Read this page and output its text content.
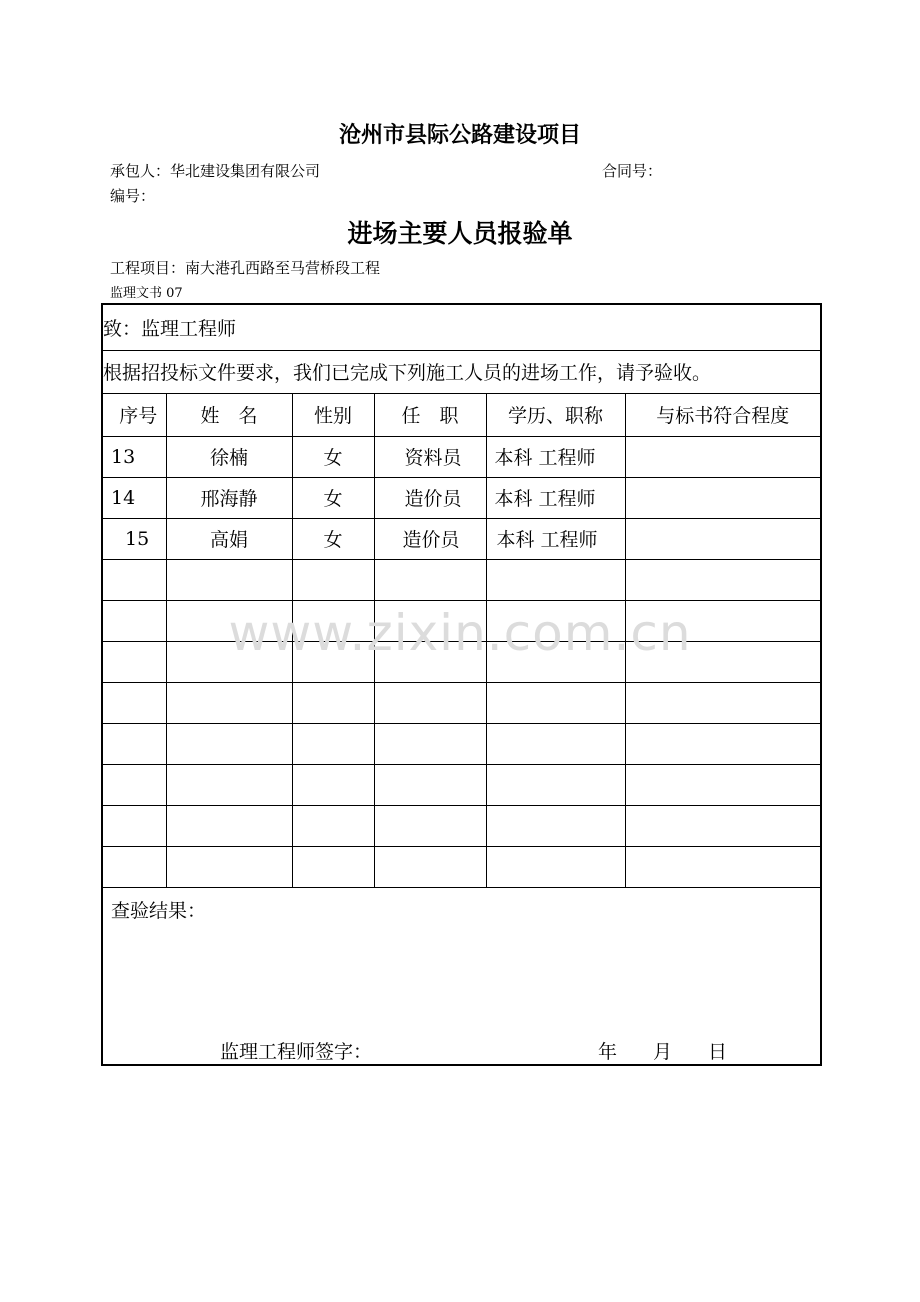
沧州市县际公路建设项目
承包人：华北建设集团有限公司	合同号：
编号：
进场主要人员报验单
工程项目：南大港孔西路至马营桥段工程
监理文书 07
致：监理工程师					
根据招投标文件要求，我们已完成下列施工人员的进场工作，请予验收。					
序号	姓　名	性别	任　职	学历、职称	与标书符合程度
13	徐楠	女	资料员	本科 工程师	
14	邢海静	女	造价员	本科 工程师	
15	高娟	女	造价员	本科 工程师	

查验结果：
监理工程师签字： 年 月 日					
www.zixin.com.cn
